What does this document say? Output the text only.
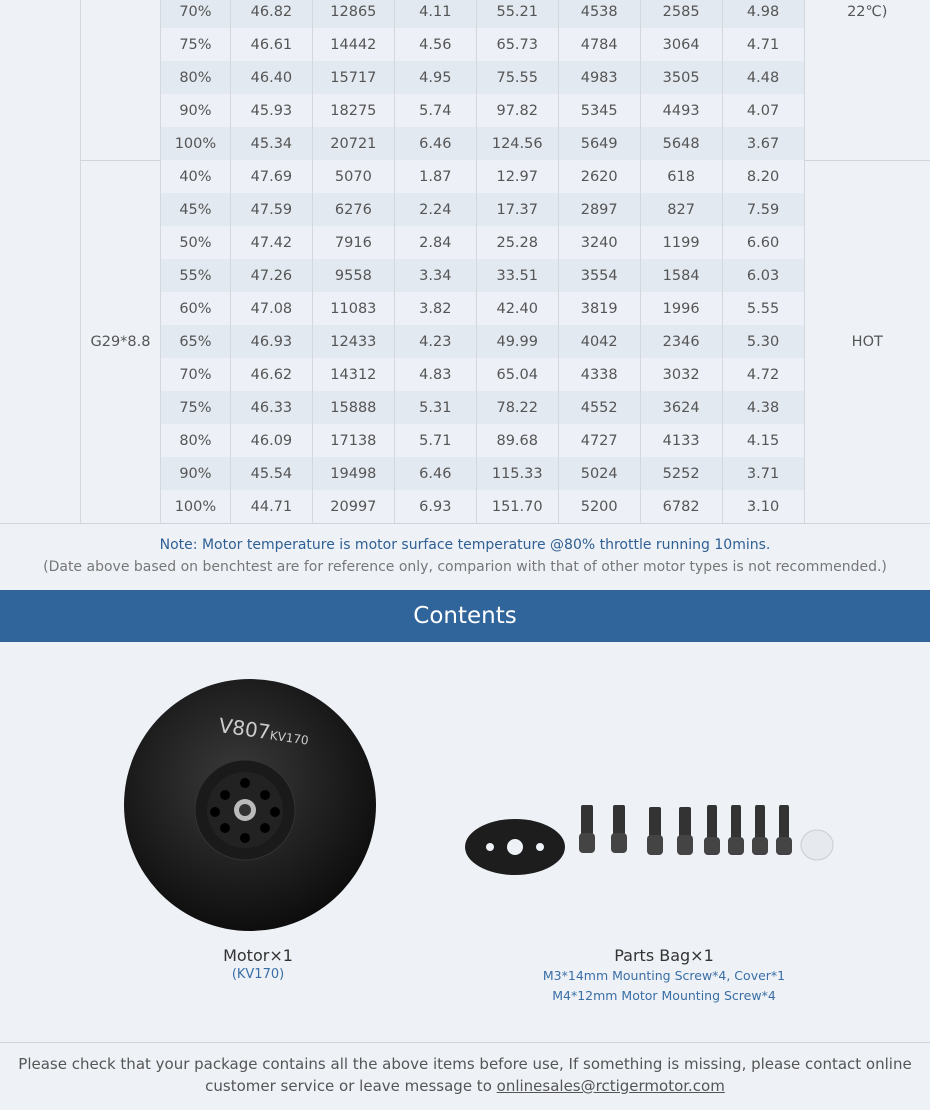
	70%	46.82	12865	4.11	55.21	4538	2585	4.98	22℃)
	75%	46.61	14442	4.56	65.73	4784	3064	4.71	
	80%	46.40	15717	4.95	75.55	4983	3505	4.48	
	90%	45.93	18275	5.74	97.82	5345	4493	4.07	
	100%	45.34	20721	6.46	124.56	5649	5648	3.67	
G29*8.8	40%	47.69	5070	1.87	12.97	2620	618	8.20	HOT
	45%	47.59	6276	2.24	17.37	2897	827	7.59	
	50%	47.42	7916	2.84	25.28	3240	1199	6.60	
	55%	47.26	9558	3.34	33.51	3554	1584	6.03	
	60%	47.08	11083	3.82	42.40	3819	1996	5.55	
	65%	46.93	12433	4.23	49.99	4042	2346	5.30	
	70%	46.62	14312	4.83	65.04	4338	3032	4.72	
	75%	46.33	15888	5.31	78.22	4552	3624	4.38	
	80%	46.09	17138	5.71	89.68	4727	4133	4.15	
	90%	45.54	19498	6.46	115.33	5024	5252	3.71	
	100%	44.71	20997	6.93	151.70	5200	6782	3.10	
Note: Motor temperature is motor surface temperature @80% throttle running 10mins.
(Date above based on benchtest are for reference only, comparion with that of other motor types is not recommended.)
Contents
V807KV170
Motor×1
(KV170)
Parts Bag×1
M3*14mm Mounting Screw*4, Cover*1
M4*12mm Motor Mounting Screw*4
Please check that your package contains all the above items before use, If something is missing, please contact online customer service or leave message to onlinesales@rctigermotor.com
